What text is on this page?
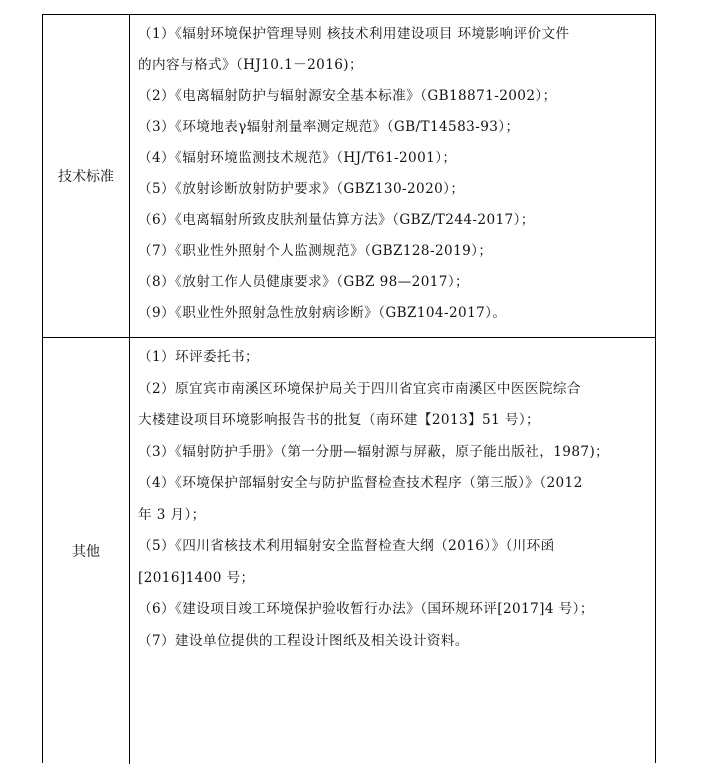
技术标准
（1）《辐射环境保护管理导则 核技术利用建设项目 环境影响评价文件
的内容与格式》（HJ10.1－2016)；
（2）《电离辐射防护与辐射源安全基本标准》（GB18871-2002）；
（3）《环境地表γ辐射剂量率测定规范》（GB/T14583-93）；
（4）《辐射环境监测技术规范》（HJ/T61-2001）；
（5）《放射诊断放射防护要求》（GBZ130-2020）；
（6）《电离辐射所致皮肤剂量估算方法》（GBZ/T244-2017）；
（7）《职业性外照射个人监测规范》（GBZ128-2019）；
（8）《放射工作人员健康要求》（GBZ 98—2017）；
（9）《职业性外照射急性放射病诊断》（GBZ104-2017）。
其他
（1）环评委托书；
（2）原宜宾市南溪区环境保护局关于四川省宜宾市南溪区中医医院综合
大楼建设项目环境影响报告书的批复（南环建【2013】51 号）；
（3）《辐射防护手册》（第一分册—辐射源与屏蔽，原子能出版社，1987)；
（4）《环境保护部辐射安全与防护监督检查技术程序（第三版）》（2012
年 3 月）；
（5）《四川省核技术利用辐射安全监督检查大纲（2016）》（川环函
[2016]1400 号；
（6）《建设项目竣工环境保护验收暂行办法》（国环规环评[2017]4 号）；
（7）建设单位提供的工程设计图纸及相关设计资料。
